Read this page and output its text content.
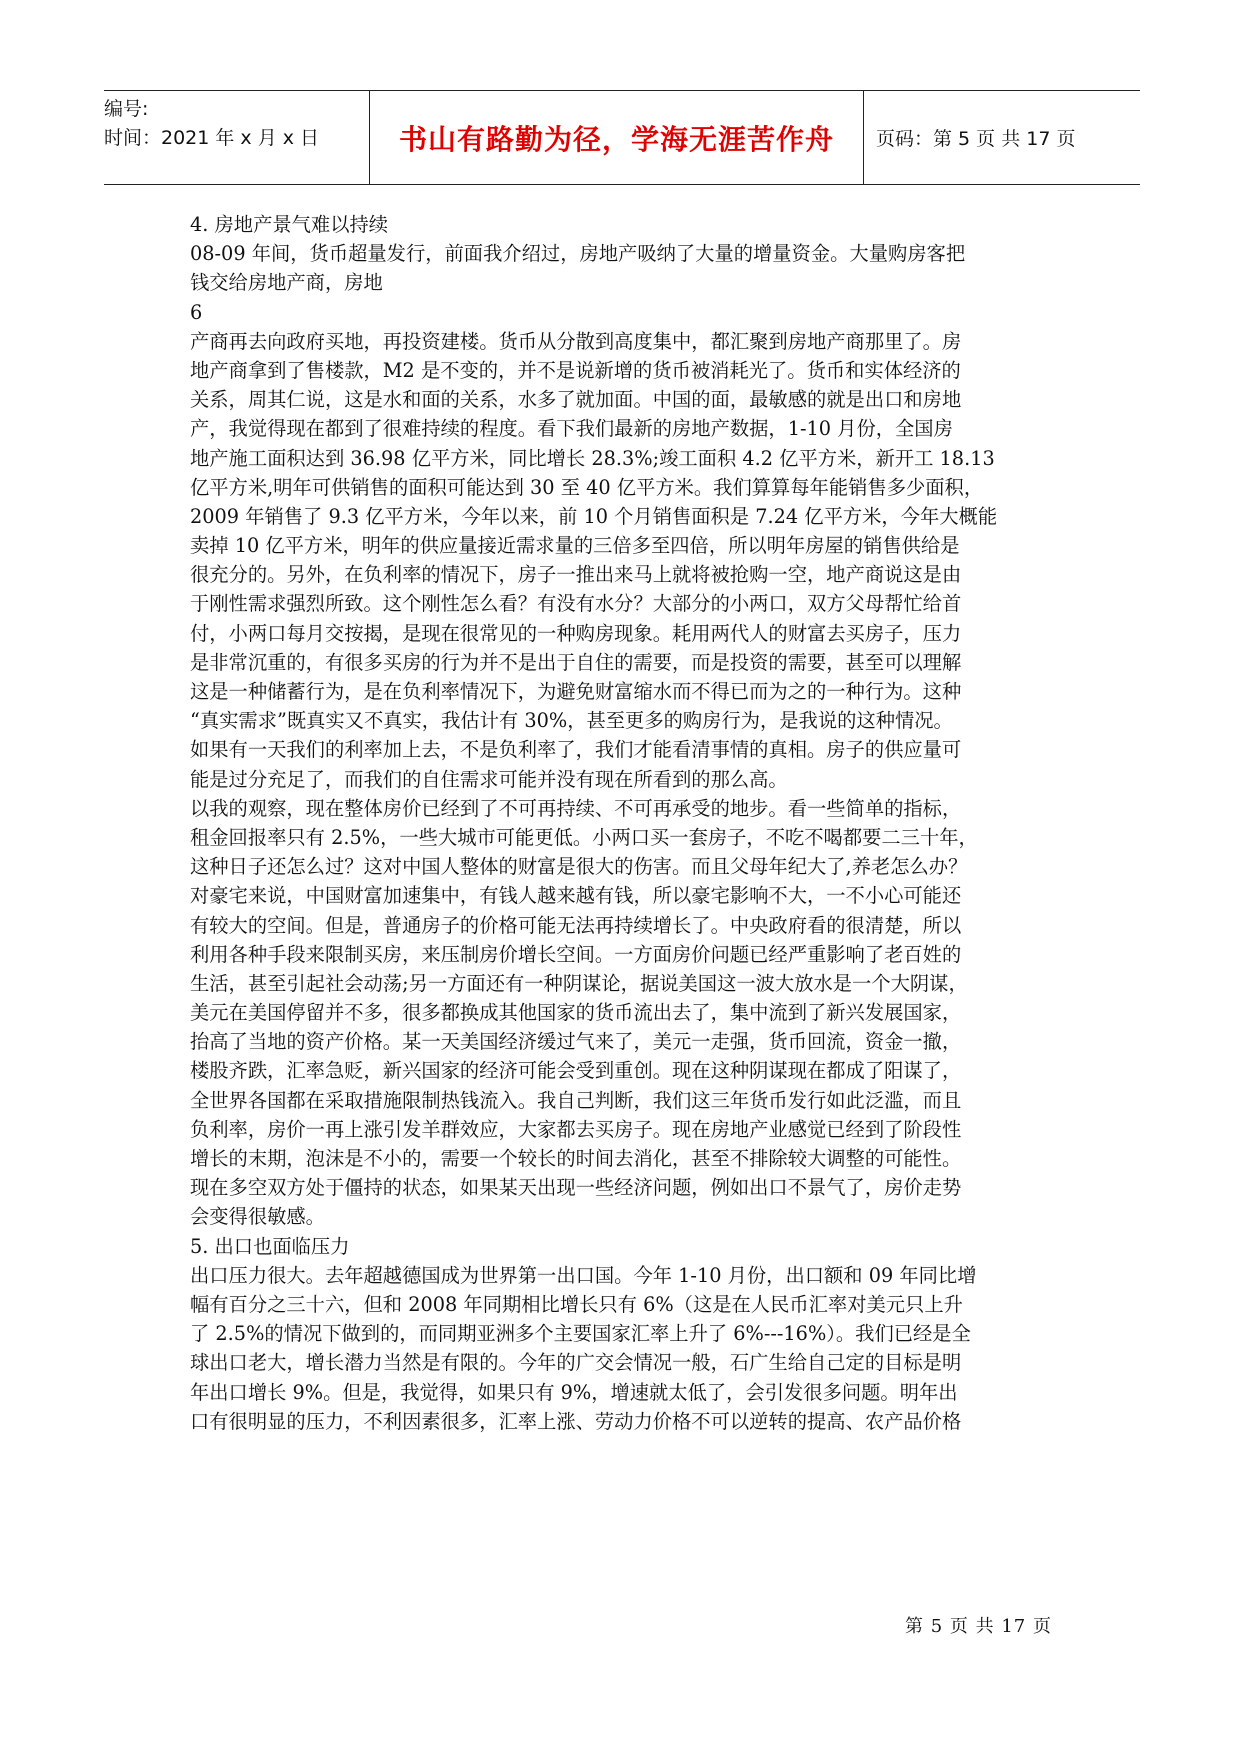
编号:
时间：2021 年 x 月 x 日	书山有路勤为径，学海无涯苦作舟 页码：第 5 页 共 17 页
4. 房地产景气难以持续
08-09 年间，货币超量发行，前面我介绍过，房地产吸纳了大量的增量资金。大量购房客把
钱交给房地产商，房地
6
产商再去向政府买地，再投资建楼。货币从分散到高度集中，都汇聚到房地产商那里了。房
地产商拿到了售楼款，M2 是不变的，并不是说新增的货币被消耗光了。货币和实体经济的
关系，周其仁说，这是水和面的关系，水多了就加面。中国的面，最敏感的就是出口和房地
产，我觉得现在都到了很难持续的程度。看下我们最新的房地产数据，1-10 月份，全国房
地产施工面积达到 36.98 亿平方米，同比增长 28.3%;竣工面积 4.2 亿平方米，新开工 18.13
亿平方米,明年可供销售的面积可能达到 30 至 40 亿平方米。我们算算每年能销售多少面积，
2009 年销售了 9.3 亿平方米，今年以来，前 10 个月销售面积是 7.24 亿平方米，今年大概能
卖掉 10 亿平方米，明年的供应量接近需求量的三倍多至四倍，所以明年房屋的销售供给是
很充分的。另外，在负利率的情况下，房子一推出来马上就将被抢购一空，地产商说这是由
于刚性需求强烈所致。这个刚性怎么看？有没有水分？大部分的小两口，双方父母帮忙给首
付，小两口每月交按揭，是现在很常见的一种购房现象。耗用两代人的财富去买房子，压力
是非常沉重的，有很多买房的行为并不是出于自住的需要，而是投资的需要，甚至可以理解
这是一种储蓄行为，是在负利率情况下，为避免财富缩水而不得已而为之的一种行为。这种
“真实需求”既真实又不真实，我估计有 30%，甚至更多的购房行为，是我说的这种情况。
如果有一天我们的利率加上去，不是负利率了，我们才能看清事情的真相。房子的供应量可
能是过分充足了，而我们的自住需求可能并没有现在所看到的那么高。
以我的观察，现在整体房价已经到了不可再持续、不可再承受的地步。看一些简单的指标，
租金回报率只有 2.5%，一些大城市可能更低。小两口买一套房子，不吃不喝都要二三十年，
这种日子还怎么过？这对中国人整体的财富是很大的伤害。而且父母年纪大了,养老怎么办？
对豪宅来说，中国财富加速集中，有钱人越来越有钱，所以豪宅影响不大，一不小心可能还
有较大的空间。但是，普通房子的价格可能无法再持续增长了。中央政府看的很清楚，所以
利用各种手段来限制买房，来压制房价增长空间。一方面房价问题已经严重影响了老百姓的
生活，甚至引起社会动荡;另一方面还有一种阴谋论，据说美国这一波大放水是一个大阴谋，
美元在美国停留并不多，很多都换成其他国家的货币流出去了，集中流到了新兴发展国家，
抬高了当地的资产价格。某一天美国经济缓过气来了，美元一走强，货币回流，资金一撤，
楼股齐跌，汇率急贬，新兴国家的经济可能会受到重创。现在这种阴谋现在都成了阳谋了，
全世界各国都在采取措施限制热钱流入。我自己判断，我们这三年货币发行如此泛滥，而且
负利率，房价一再上涨引发羊群效应，大家都去买房子。现在房地产业感觉已经到了阶段性
增长的末期，泡沫是不小的，需要一个较长的时间去消化，甚至不排除较大调整的可能性。
现在多空双方处于僵持的状态，如果某天出现一些经济问题，例如出口不景气了，房价走势
会变得很敏感。
5. 出口也面临压力
出口压力很大。去年超越德国成为世界第一出口国。今年 1-10 月份，出口额和 09 年同比增
幅有百分之三十六，但和 2008 年同期相比增长只有 6%（这是在人民币汇率对美元只上升
了 2.5%的情况下做到的，而同期亚洲多个主要国家汇率上升了 6%---16%）。我们已经是全
球出口老大，增长潜力当然是有限的。今年的广交会情况一般，石广生给自己定的目标是明
年出口增长 9%。但是，我觉得，如果只有 9%，增速就太低了，会引发很多问题。明年出
口有很明显的压力，不利因素很多，汇率上涨、劳动力价格不可以逆转的提高、农产品价格
第 5 页 共 17 页
